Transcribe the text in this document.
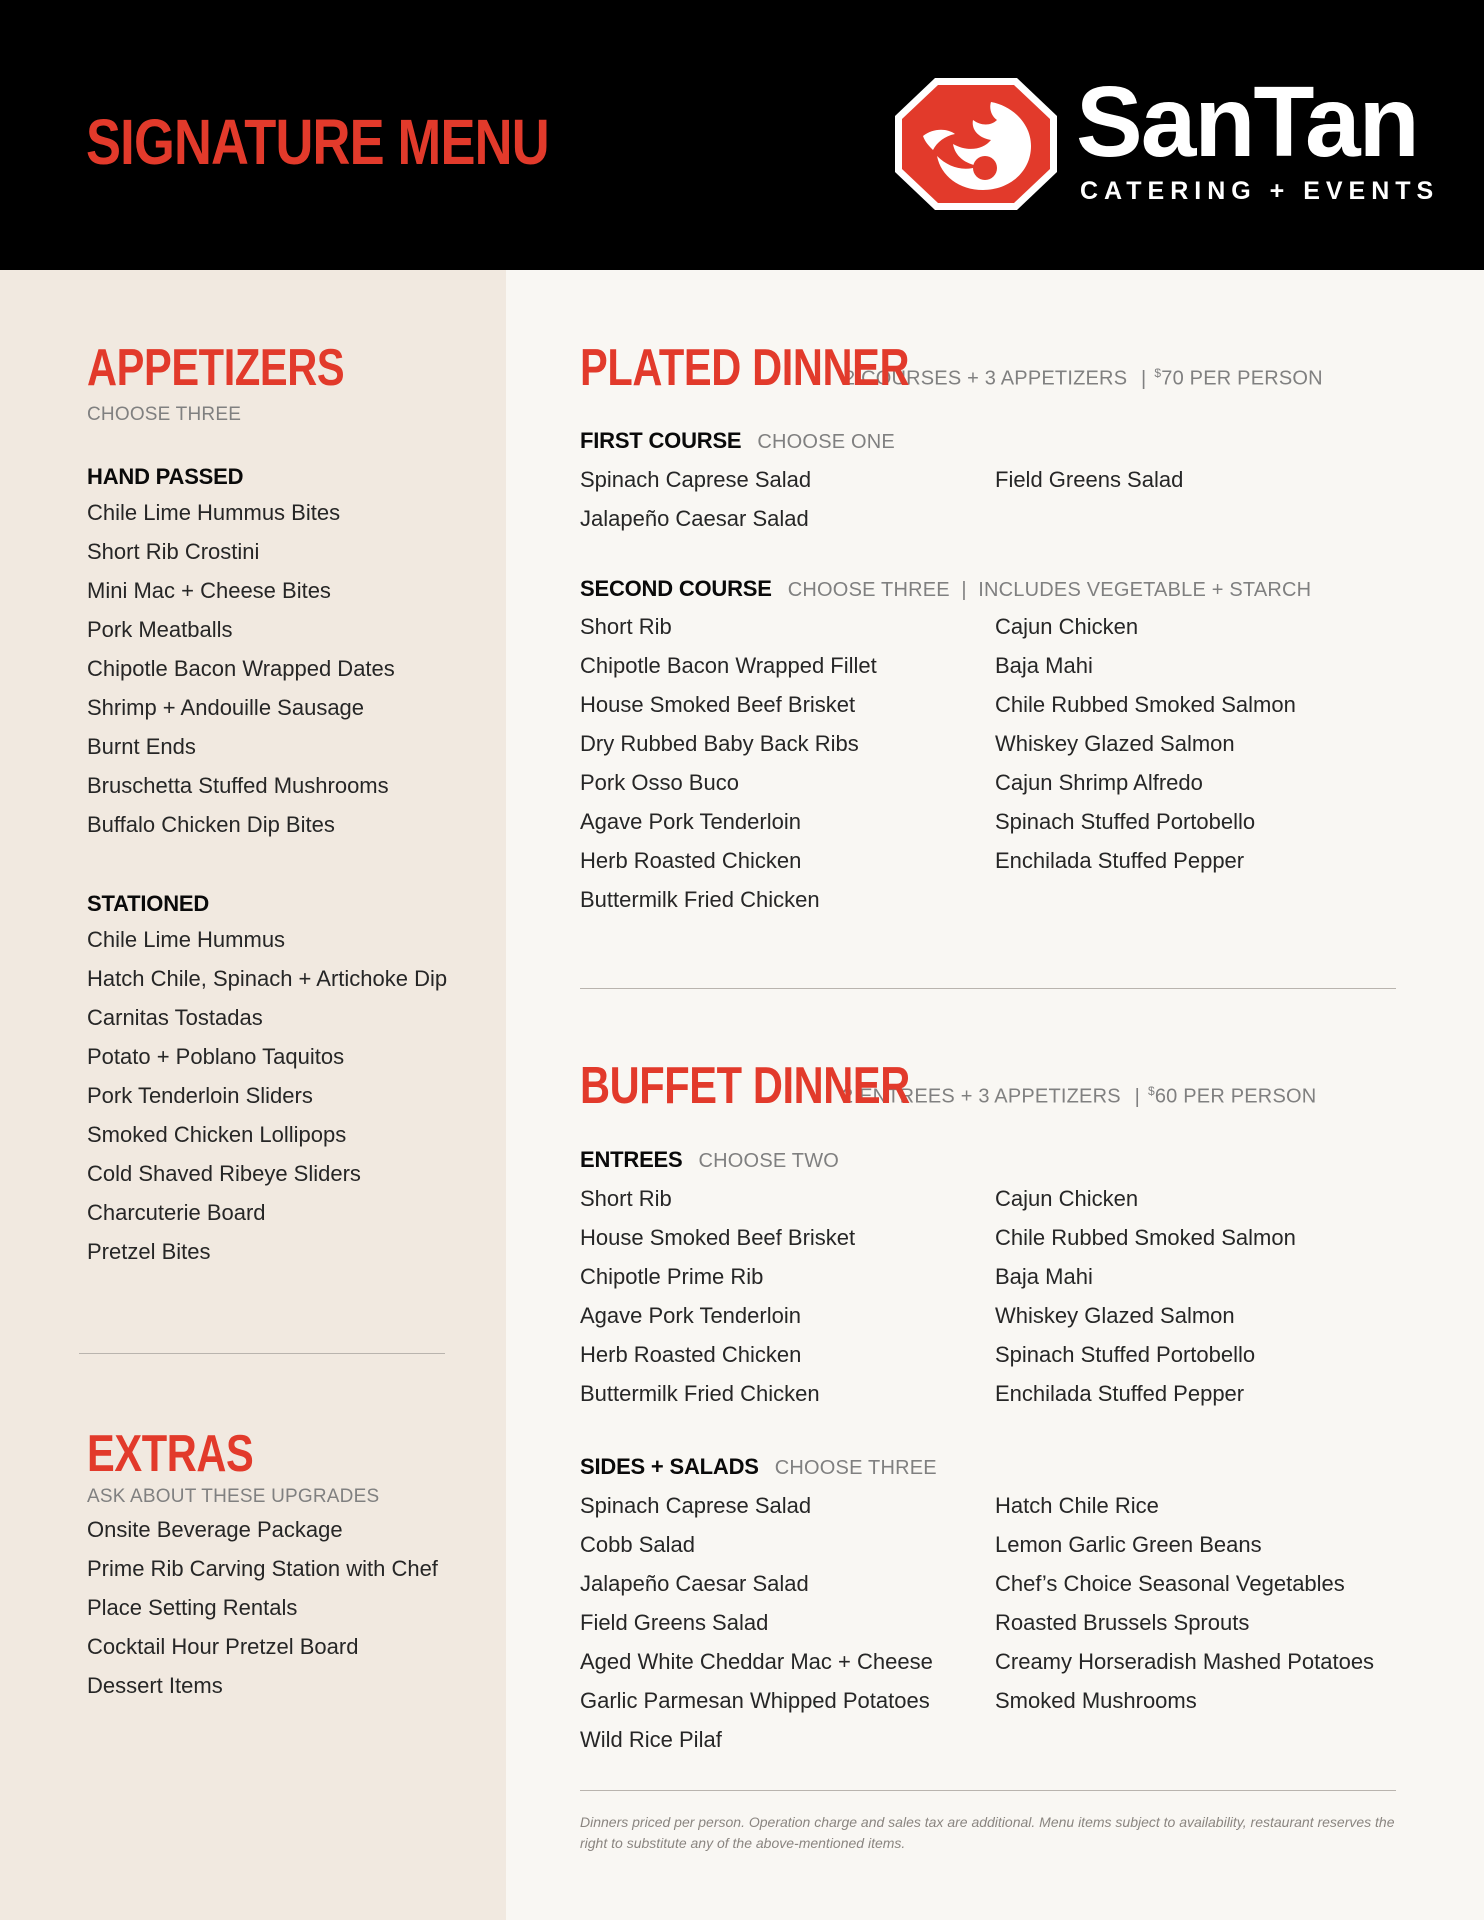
SIGNATURE MENU	SanTan
CATERING + EVENTS
APPETIZERS
CHOOSE THREE
HAND PASSED
Chile Lime Hummus Bites
Short Rib Crostini
Mini Mac + Cheese Bites
Pork Meatballs
Chipotle Bacon Wrapped Dates
Shrimp + Andouille Sausage
Burnt Ends
Bruschetta Stuffed Mushrooms
Buffalo Chicken Dip Bites
STATIONED
Chile Lime Hummus
Hatch Chile, Spinach + Artichoke Dip
Carnitas Tostadas
Potato + Poblano Taquitos
Pork Tenderloin Sliders
Smoked Chicken Lollipops
Cold Shaved Ribeye Sliders
Charcuterie Board
Pretzel Bites
EXTRAS
ASK ABOUT THESE UPGRADES
Onsite Beverage Package
Prime Rib Carving Station with Chef
Place Setting Rentals
Cocktail Hour Pretzel Board
Dessert Items
PLATED DINNER
2 COURSES + 3 APPETIZERS | $70 PER PERSON
FIRST COURSE CHOOSE ONE
Spinach Caprese Salad
Jalapeño Caesar Salad
Field Greens Salad
SECOND COURSE CHOOSE THREE  |  INCLUDES VEGETABLE + STARCH
Short Rib
Chipotle Bacon Wrapped Fillet
House Smoked Beef Brisket
Dry Rubbed Baby Back Ribs
Pork Osso Buco
Agave Pork Tenderloin
Herb Roasted Chicken
Buttermilk Fried Chicken
Cajun Chicken
Baja Mahi
Chile Rubbed Smoked Salmon
Whiskey Glazed Salmon
Cajun Shrimp Alfredo
Spinach Stuffed Portobello
Enchilada Stuffed Pepper
BUFFET DINNER
2 ENTREES + 3 APPETIZERS | $60 PER PERSON
ENTREES CHOOSE TWO
Short Rib
House Smoked Beef Brisket
Chipotle Prime Rib
Agave Pork Tenderloin
Herb Roasted Chicken
Buttermilk Fried Chicken
Cajun Chicken
Chile Rubbed Smoked Salmon
Baja Mahi
Whiskey Glazed Salmon
Spinach Stuffed Portobello
Enchilada Stuffed Pepper
SIDES + SALADS CHOOSE THREE
Spinach Caprese Salad
Cobb Salad
Jalapeño Caesar Salad
Field Greens Salad
Aged White Cheddar Mac + Cheese
Garlic Parmesan Whipped Potatoes
Wild Rice Pilaf
Hatch Chile Rice
Lemon Garlic Green Beans
Chef’s Choice Seasonal Vegetables
Roasted Brussels Sprouts
Creamy Horseradish Mashed Potatoes
Smoked Mushrooms
Dinners priced per person. Operation charge and sales tax are additional. Menu items subject to availability, restaurant reserves the right to substitute any of the above-mentioned items.
